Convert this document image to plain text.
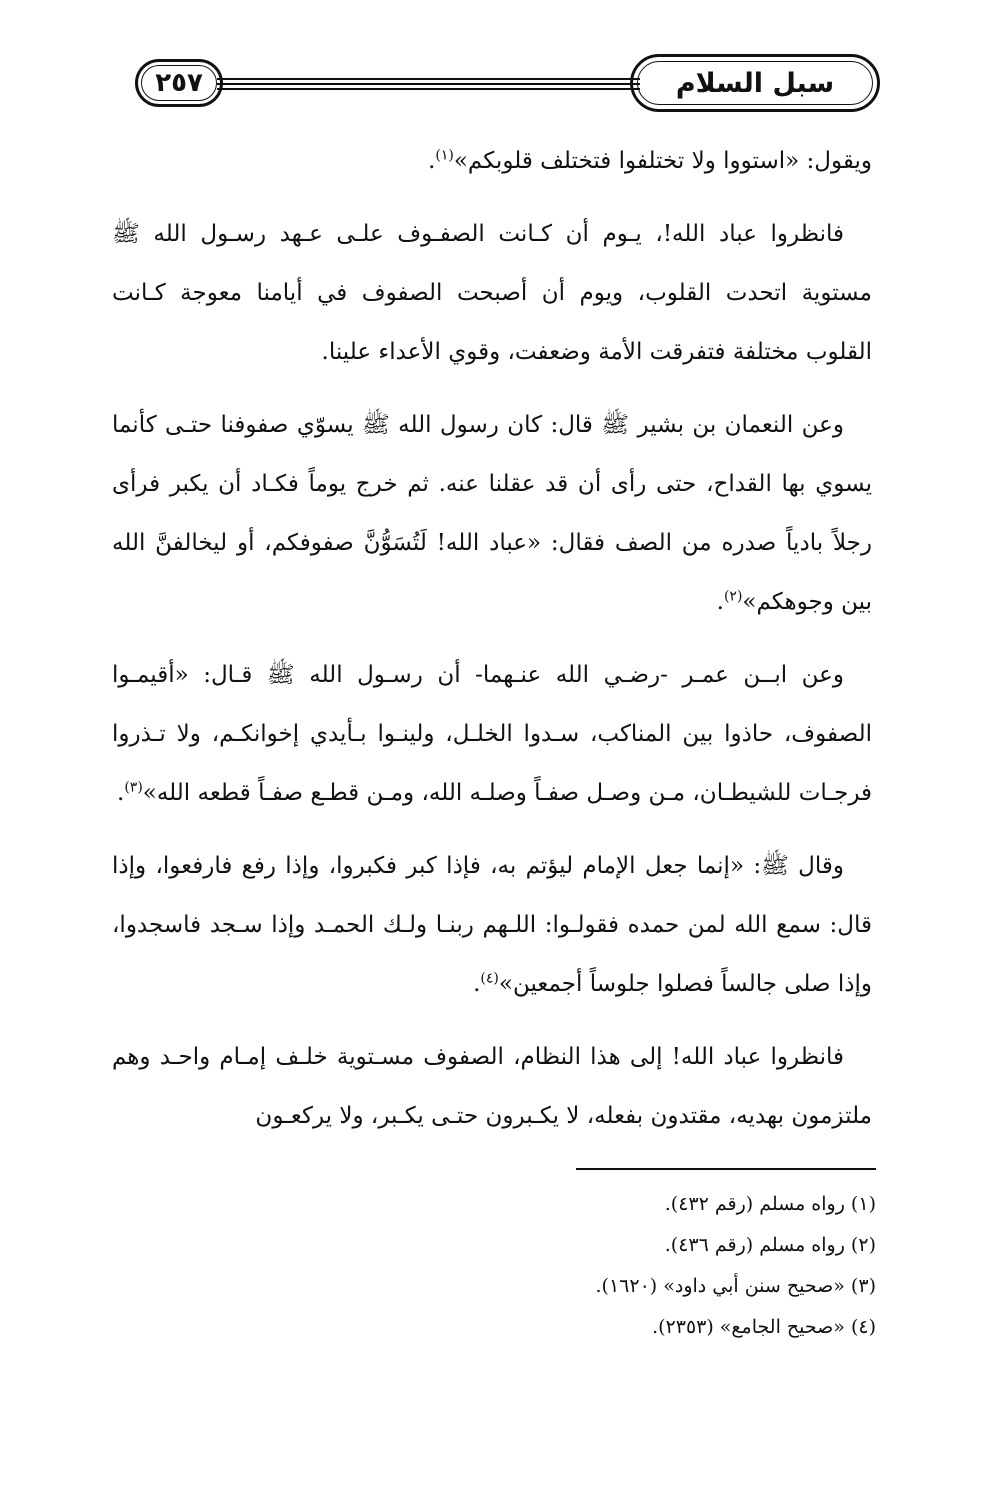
٢٥٧	سبل السلام

ويقول: «استووا ولا تختلفوا فتختلف قلوبكم»$^{(١)}$.

فانظروا عباد الله!، يـوم أن كـانت الصفـوف علـى عـهد رسـول الله ﷺ مستوية اتحدت القلوب، ويوم أن أصبحت الصفوف في أيامنا معوجة كـانت القلوب مختلفة فتفرقت الأمة وضعفت، وقوي الأعداء علينا.

وعن النعمان بن بشير ﷺ قال: كان رسول الله ﷺ يسوّي صفوفنا حتـى كأنما يسوي بها القداح، حتى رأى أن قد عقلنا عنه. ثم خرج يوماً فكـاد أن يكبر فرأى رجلاً بادياً صدره من الصف فقال: «عباد الله! لَتُسَوُّنَّ صفوفكم، أو ليخالفنَّ الله بين وجوهكم»$^{(٢)}$.

وعن ابــن عمـر -رضـي الله عنـهما- أن رسـول الله ﷺ قـال: «أقيمـوا الصفوف، حاذوا بين المناكب، سـدوا الخلـل، ولينـوا بـأيدي إخوانكـم، ولا تـذروا فرجـات للشيطـان، مـن وصـل صفـاً وصلـه الله، ومـن قطـع صفـاً قطعه الله»$^{(٣)}$.

وقال ﷺ: «إنما جعل الإمام ليؤتم به، فإذا كبر فكبروا، وإذا رفع فارفعوا، وإذا قال: سمع الله لمن حمده فقولـوا: اللـهم ربنـا ولـك الحمـد وإذا سـجد فاسجدوا، وإذا صلى جالساً فصلوا جلوساً أجمعين»$^{(٤)}$.

فانظروا عباد الله! إلى هذا النظام، الصفوف مسـتوية خلـف إمـام واحـد وهم ملتزمون بهديه، مقتدون بفعله، لا يكـبرون حتـى يكـبر، ولا يركعـون

(١) رواه مسلم (رقم ٤٣٢).
(٢) رواه مسلم (رقم ٤٣٦).
(٣) «صحيح سنن أبي داود» (١٦٢٠).
(٤) «صحيح الجامع» (٢٣٥٣).
